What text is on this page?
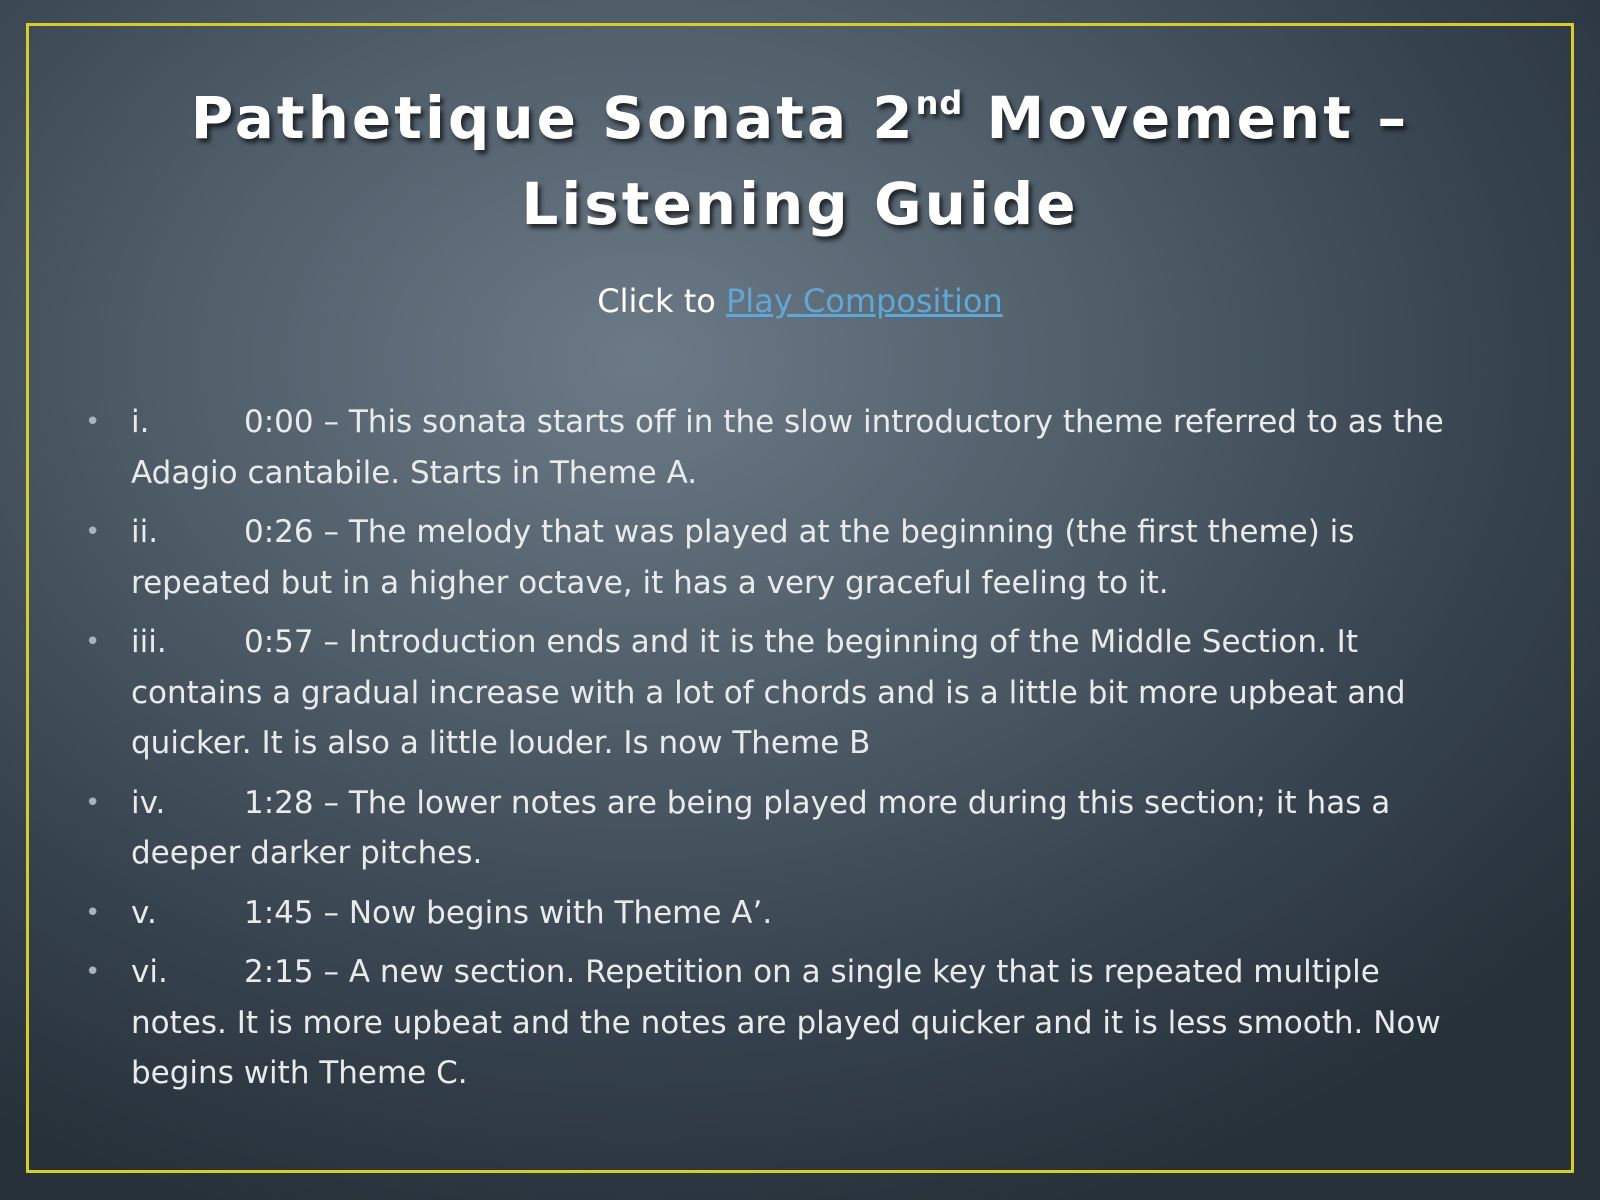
Pathetique Sonata 2nd Movement – Listening Guide
Click to Play Composition
• i.	0:00 – This sonata starts off in the slow introductory theme referred to as the Adagio cantabile. Starts in Theme A.
• ii.	0:26 – The melody that was played at the beginning (the first theme) is repeated but in a higher octave, it has a very graceful feeling to it.
• iii. 0:57 – Introduction ends and it is the beginning of the Middle Section. It contains a gradual increase with a lot of chords and is a little bit more upbeat and quicker. It is also a little louder. Is now Theme B
• iv.	1:28 – The lower notes are being played more during this section; it has a deeper darker pitches.
• v.	1:45 – Now begins with Theme A’.
• vi. 2:15 – A new section. Repetition on a single key that is repeated multiple notes. It is more upbeat and the notes are played quicker and it is less smooth. Now begins with Theme C.
